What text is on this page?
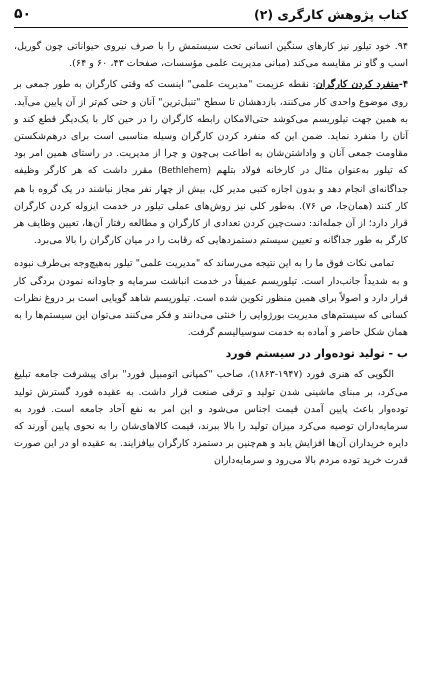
کتاب پژوهش کارگری (۲)
۵۰

۹۴. خود تیلور نیز کارهای سنگین انسانی تحت سیستمش را با صرف نیروی حیواناتی چون گوریل، اسب و گاو نر مقایسه می‌کند (مبانی مدیریت علمی مؤسسات، صفحات ۴۳، ۶۰ و ۶۴).

۴-منفرد کردن کارگران: نقطه عزیمت "مدیریت علمی" اینست که وقتی کارگران به طور جمعی بر روی موضوع واحدی کار می‌کنند، بازدهشان تا سطح "تنبل‌ترین" آنان و حتی کم‌تر از آن پایین می‌آید. به همین جهت تیلوریسم می‌کوشد حتی‌الامکان رابطه کارگران را در حین کار با یک‌دیگر قطع کند و آنان را منفرد نماید. ضمن این که منفرد کردن کارگران وسیله مناسبی است برای درهم‌شکستن مقاومت جمعی آنان و واداشتن‌شان به اطاعت بی‌چون و چرا از مدیریت. در راستای همین امر بود که تیلور به‌عنوان مثال در کارخانه فولاد بتلهم (Bethlehem) مقرر داشت که هر کارگر وظیفه جداگانه‌ای انجام دهد و بدون اجازه کتبی مدیر کل، بیش از چهار نفر مجاز نباشند در یک گروه با هم کار کنند (همان‌جا، ص ۷۶). به‌طور کلی نیز روش‌های عملی تیلور در خدمت ایزوله کردن کارگران قرار دارد؛ از آن جمله‌اند: دست‌چین کردن تعدادی از کارگران و مطالعه رفتار آن‌ها، تعیین وظایف هر کارگر به طور جداگانه و تعیین سیستم دستمزدهایی که رقابت را در میان کارگران را بالا می‌برد.

تمامی نکات فوق ما را به این نتیجه می‌رساند که "مدیریت علمی" تیلور به‌هیچ‌وجه بی‌طرف نبوده و به شدیداً جانب‌دار است. تیلوریسم عمیقاً در خدمت انباشت سرمایه و جاودانه نمودن بردگی کار قرار دارد و اصولاً برای همین منظور تکوین شده است. تیلوریسم شاهد گویایی است بر دروغ نظرات کسانی که سیستم‌های مدیریت بورژوایی را خنثی می‌دانند و فکر می‌کنند می‌توان این سیستم‌ها را به همان شکل حاضر و آماده به خدمت سوسیالیسم گرفت.

ب - تولید توده‌وار در سیستم فورد

الگویی که هنری فورد (۱۹۴۷-۱۸۶۳)، صاحب "کمپانی اتومبیل فورد" برای پیشرفت جامعه تبلیغ می‌کرد، بر مبنای ماشینی شدن تولید و ترقی صنعت قرار داشت. به عقیده فورد گسترش تولید توده‌وار باعث پایین آمدن قیمت اجناس می‌شود و این امر به نفع آحاد جامعه است. فورد به سرمایه‌داران توصیه می‌کرد میزان تولید را بالا ببرند، قیمت کالاهای‌شان را به نحوی پایین آورند که دایره خریداران آن‌ها افزایش یابد و هم‌چنین بر دستمزد کارگران بیافزایند. به عقیده او در این صورت قدرت خرید توده مردم بالا می‌رود و سرمایه‌داران
